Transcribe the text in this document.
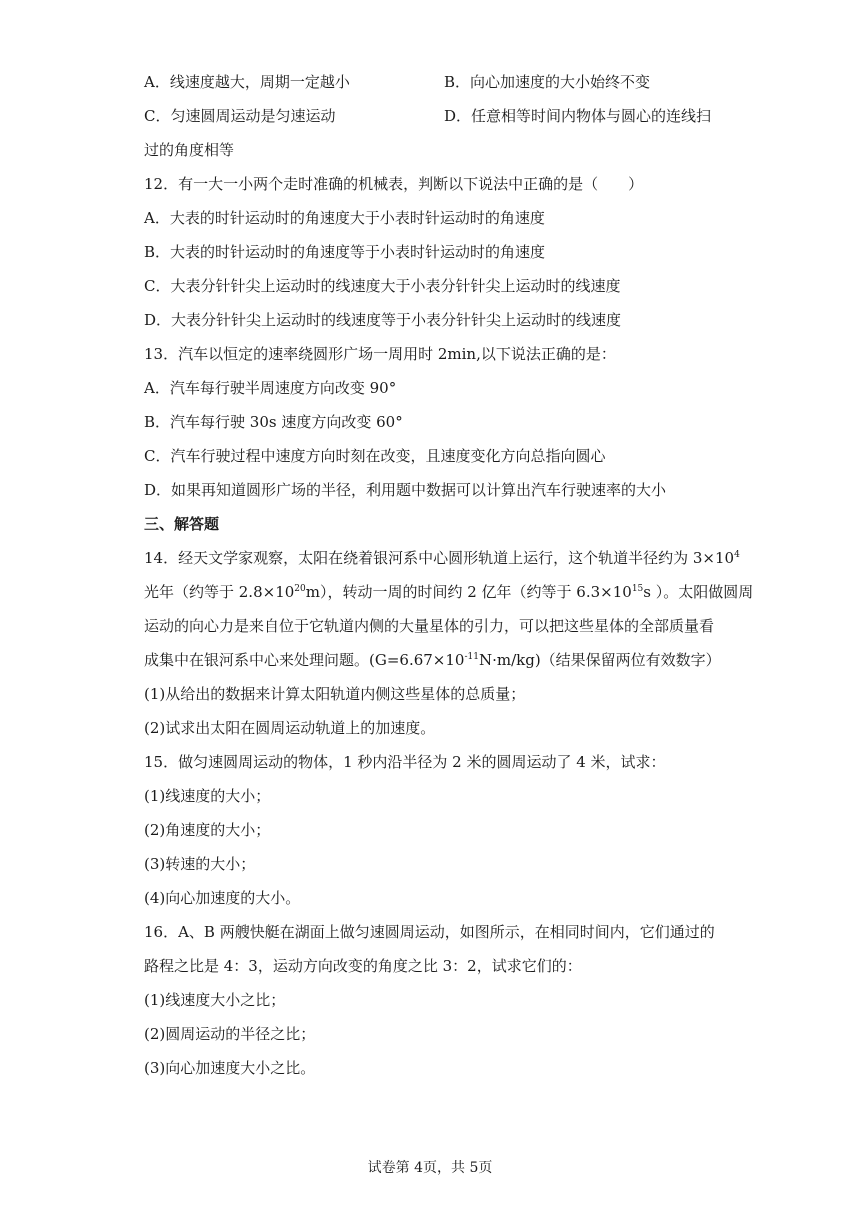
A．线速度越大，周期一定越小	B．向心加速度的大小始终不变
C．匀速圆周运动是匀速运动	D．任意相等时间内物体与圆心的连线扫
过的角度相等
12．有一大一小两个走时准确的机械表，判断以下说法中正确的是（　　）
A．大表的时针运动时的角速度大于小表时针运动时的角速度
B．大表的时针运动时的角速度等于小表时针运动时的角速度
C．大表分针针尖上运动时的线速度大于小表分针针尖上运动时的线速度
D．大表分针针尖上运动时的线速度等于小表分针针尖上运动时的线速度
13．汽车以恒定的速率绕圆形广场一周用时 2min,以下说法正确的是：
A．汽车每行驶半周速度方向改变 90°
B．汽车每行驶 30s 速度方向改变 60°
C．汽车行驶过程中速度方向时刻在改变，且速度变化方向总指向圆心
D．如果再知道圆形广场的半径，利用题中数据可以计算出汽车行驶速率的大小
三、解答题
14．经天文学家观察，太阳在绕着银河系中心圆形轨道上运行，这个轨道半径约为 $3\times 10^4$
光年（约等于 $2.8\times 10^{20}m$），转动一周的时间约 2 亿年（约等于 $6.3\times 10^{15}s$ ）。太阳做圆周
运动的向心力是来自位于它轨道内侧的大量星体的引力，可以把这些星体的全部质量看
成集中在银河系中心来处理问题。$(G=6.67\times 10^{-11}N\cdot m/kg)$（结果保留两位有效数字）
(1)从给出的数据来计算太阳轨道内侧这些星体的总质量；
(2)试求出太阳在圆周运动轨道上的加速度。
15．做匀速圆周运动的物体，1 秒内沿半径为 2 米的圆周运动了 4 米，试求：
(1)线速度的大小；
(2)角速度的大小；
(3)转速的大小；
(4)向心加速度的大小。
16．A、B 两艘快艇在湖面上做匀速圆周运动，如图所示，在相同时间内，它们通过的
路程之比是 4：3，运动方向改变的角度之比 3：2，试求它们的：
(1)线速度大小之比；
(2)圆周运动的半径之比；
(3)向心加速度大小之比。
试卷第 4页，共 5页
